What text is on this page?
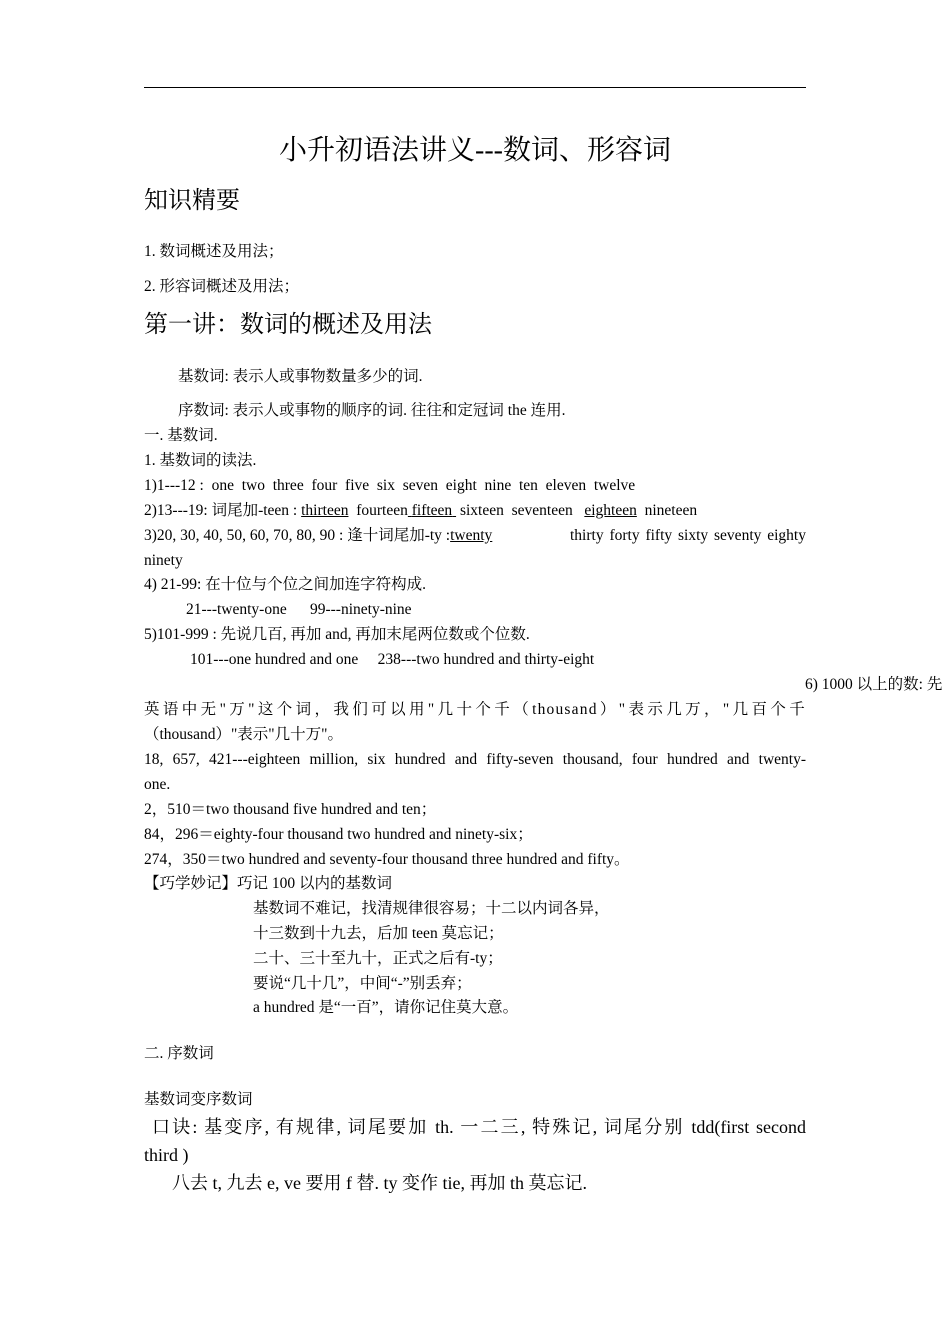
小升初语法讲义---数词、形容词
知识精要
1. 数词概述及用法；
2. 形容词概述及用法；
第一讲：数词的概述及用法
基数词: 表示人或事物数量多少的词.
序数词: 表示人或事物的顺序的词. 往往和定冠词 the 连用.
一. 基数词.
1. 基数词的读法.
1)1---12 : one two three four five six seven eight nine ten eleven twelve
2)13---19: 词尾加-teen : thirteen fourteen fifteen sixteen seventeen eighteen nineteen
3)20, 30, 40, 50, 60, 70, 80, 90 : 逢十词尾加-ty :twenty	thirty forty fifty sixty seventy eighty
ninety
4) 21-99: 在十位与个位之间加连字符构成.
21---twenty-one      99---ninety-nine
5)101-999 : 先说几百, 再加 and, 再加末尾两位数或个位数.
101---one hundred and one     238---two hundred and thirty-eight
6) 1000 以上的数: 先
英语中无"万"这个词，我们可以用"几十个千（thousand）"表示几万，"几百个千
（thousand）"表示"几十万"。
18, 657, 421---eighteen million, six hundred and fifty-seven thousand, four hundred and twenty-
one.
2，510＝two thousand five hundred and ten；
84，296＝eighty-four thousand two hundred and ninety-six；
274，350＝two hundred and seventy-four thousand three hundred and fifty。
【巧学妙记】巧记 100 以内的基数词
基数词不难记，找清规律很容易；十二以内词各异，
十三数到十九去，后加 teen 莫忘记；
二十、三十至九十，正式之后有-ty；
要说“几十几”，中间“-”别丢弃；
a hundred 是“一百”，请你记住莫大意。
二. 序数词
基数词变序数词
口诀: 基变序, 有规律, 词尾要加 th. 一二三, 特殊记, 词尾分别 tdd(first second
third )
八去 t, 九去 e, ve 要用 f 替. ty 变作 tie, 再加 th 莫忘记.
